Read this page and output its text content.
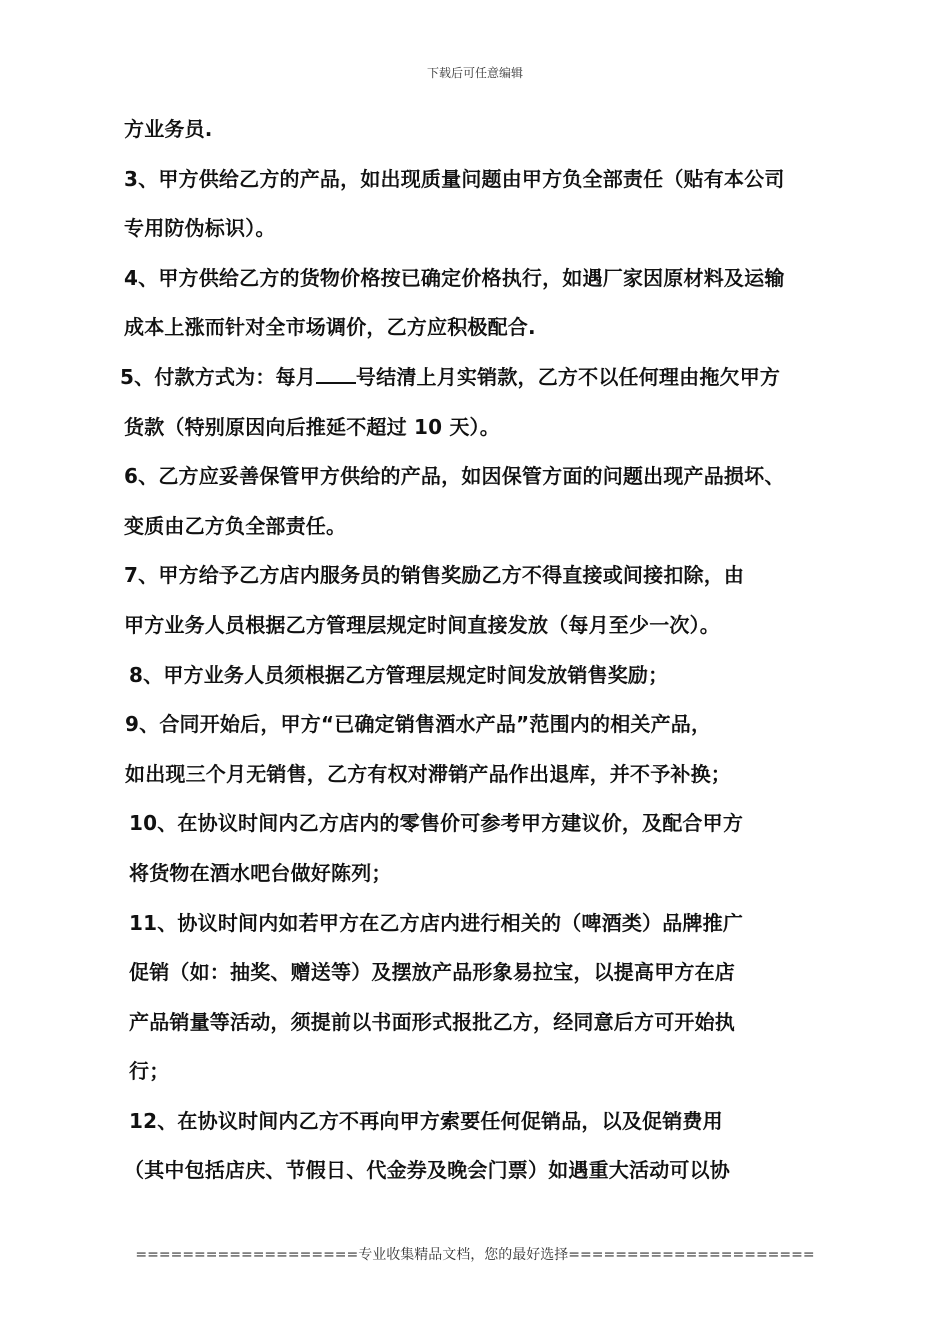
下载后可任意编辑
方业务员.
3、甲方供给乙方的产品，如出现质量问题由甲方负全部责任（贴有本公司
专用防伪标识）。
4、甲方供给乙方的货物价格按已确定价格执行，如遇厂家因原材料及运输
成本上涨而针对全市场调价，乙方应积极配合.
5、付款方式为：每月 号结清上月实销款，乙方不以任何理由拖欠甲方
货款（特别原因向后推延不超过 10 天）。
6、乙方应妥善保管甲方供给的产品，如因保管方面的问题出现产品损坏、
变质由乙方负全部责任。
7、甲方给予乙方店内服务员的销售奖励乙方不得直接或间接扣除，由
甲方业务人员根据乙方管理层规定时间直接发放（每月至少一次）。
8、甲方业务人员须根据乙方管理层规定时间发放销售奖励；
9、合同开始后，甲方“已确定销售酒水产品”范围内的相关产品，
如出现三个月无销售，乙方有权对滞销产品作出退库，并不予补换；
10、在协议时间内乙方店内的零售价可参考甲方建议价，及配合甲方
将货物在酒水吧台做好陈列；
11、协议时间内如若甲方在乙方店内进行相关的（啤酒类）品牌推广
促销（如：抽奖、赠送等）及摆放产品形象易拉宝，以提高甲方在店
产品销量等活动，须提前以书面形式报批乙方，经同意后方可开始执
行；
12、在协议时间内乙方不再向甲方索要任何促销品，以及促销费用
（其中包括店庆、节假日、代金券及晚会门票）如遇重大活动可以协
===================专业收集精品文档，您的最好选择=====================
